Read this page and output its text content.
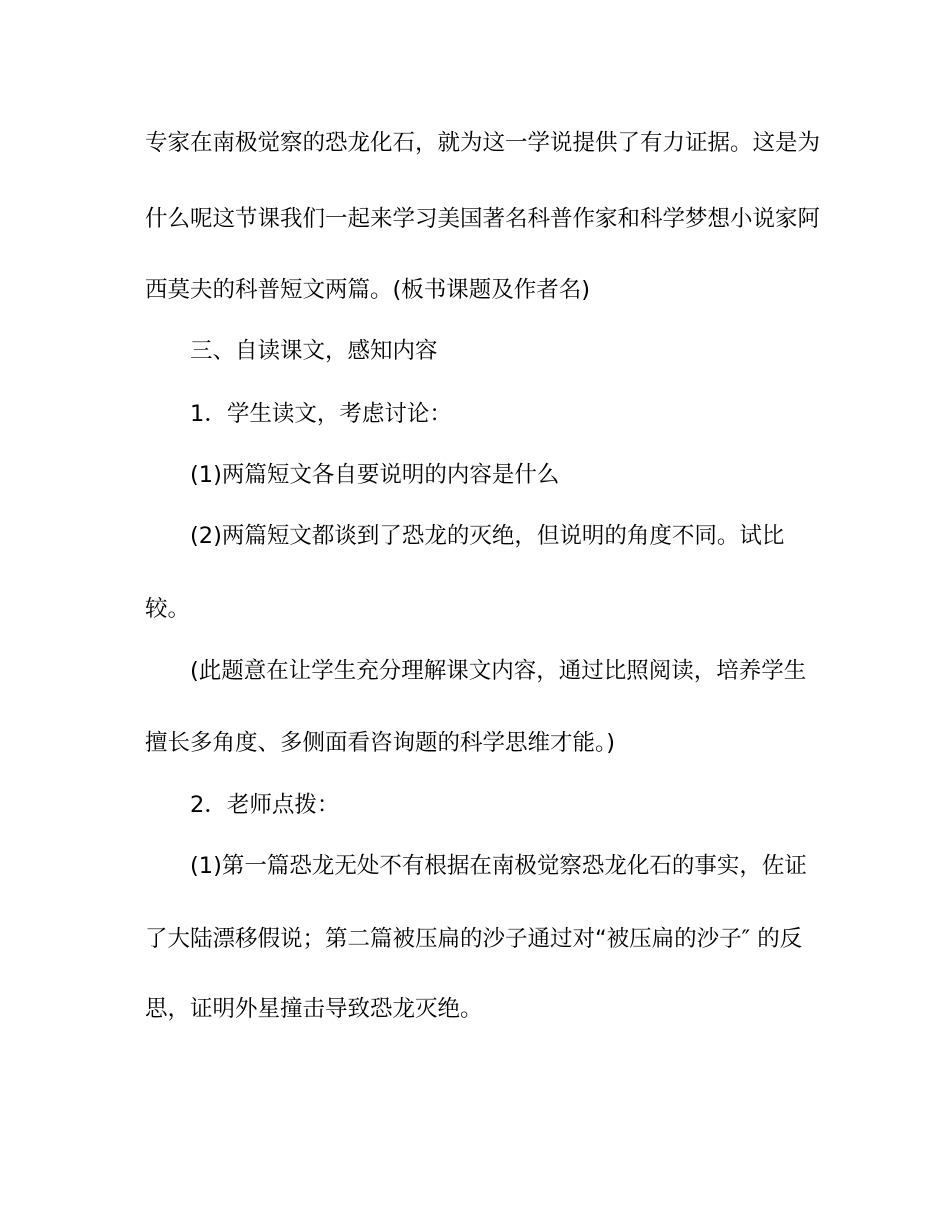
专家在南极觉察的恐龙化石，就为这一学说提供了有力证据。这是为
什么呢这节课我们一起来学习美国著名科普作家和科学梦想小说家阿
西莫夫的科普短文两篇。(板书课题及作者名)
三、自读课文，感知内容
1．学生读文，考虑讨论：
(1)两篇短文各自要说明的内容是什么
(2)两篇短文都谈到了恐龙的灭绝，但说明的角度不同。试比
较。
(此题意在让学生充分理解课文内容，通过比照阅读，培养学生
擅长多角度、多侧面看咨询题的科学思维才能。)
2．老师点拨：
(1)第一篇恐龙无处不有根据在南极觉察恐龙化石的事实，佐证
了大陆漂移假说；第二篇被压扁的沙子通过对“被压扁的沙子″ 的反
思，证明外星撞击导致恐龙灭绝。
